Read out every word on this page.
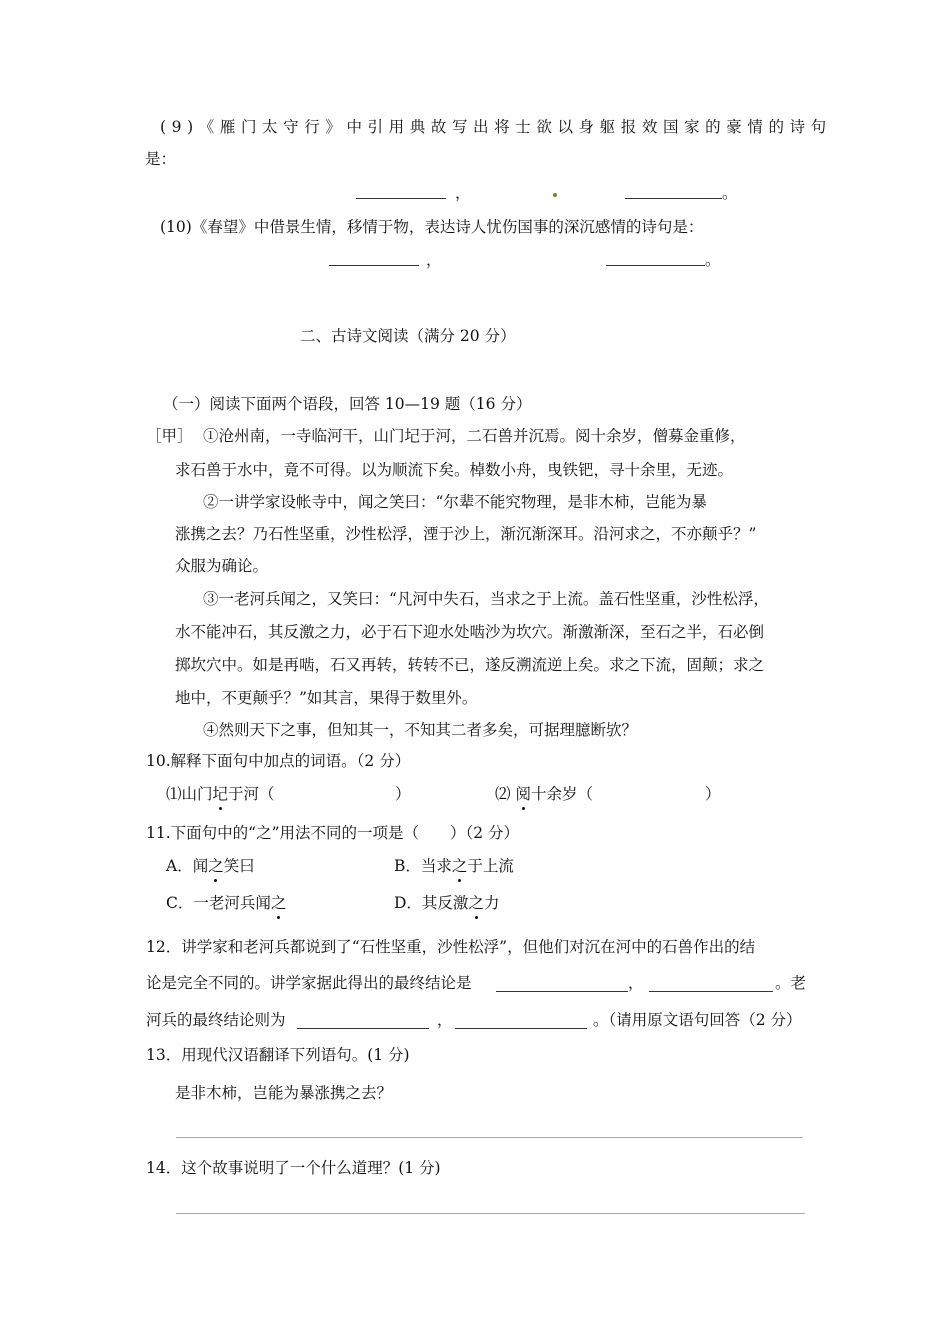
(9)《雁门太守行》中引用典故写出将士欲以身躯报效国家的豪情的诗句
是：
，	。
(10)《春望》中借景生情，移情于物，表达诗人忧伤国事的深沉感情的诗句是：
，	。
二、古诗文阅读（满分 20 分）
（一）阅读下面两个语段，回答 10—19 题（16 分）
［甲］ ①沧州南，一寺临河干，山门圮于河，二石兽并沉焉。阅十余岁，僧募金重修，
求石兽于水中，竟不可得。以为顺流下矣。棹数小舟，曳铁钯，寻十余里，无迹。
②一讲学家设帐寺中，闻之笑曰：“尔辈不能究物理，是非木柿，岂能为暴
涨携之去？乃石性坚重，沙性松浮，湮于沙上，渐沉渐深耳。沿河求之，不亦颠乎？”
众服为确论。
③一老河兵闻之，又笑曰：“凡河中失石，当求之于上流。盖石性坚重，沙性松浮，
水不能冲石，其反激之力，必于石下迎水处啮沙为坎穴。渐激渐深，至石之半，石必倒
掷坎穴中。如是再啮，石又再转，转转不已，遂反溯流逆上矣。求之下流，固颠；求之
地中，不更颠乎？”如其言，果得于数里外。
④然则天下之事，但知其一，不知其二者多矣，可据理臆断欤？
10.解释下面句中加点的词语。（2 分）
⑴山门圮于河（	）	⑵ 阅十余岁（	）
11.下面句中的“之”用法不同的一项是（　　）（2 分）
A．闻之笑曰	B．当求之于上流
C．一老河兵闻之	D．其反激之力
12．讲学家和老河兵都说到了“石性坚重，沙性松浮”，但他们对沉在河中的石兽作出的结
论是完全不同的。讲学家据此得出的最终结论是	，	。老
河兵的最终结论则为	，	。（请用原文语句回答（2 分）
13．用现代汉语翻译下列语句。(1 分)
是非木柿，岂能为暴涨携之去？
14．这个故事说明了一个什么道理？(1 分)
